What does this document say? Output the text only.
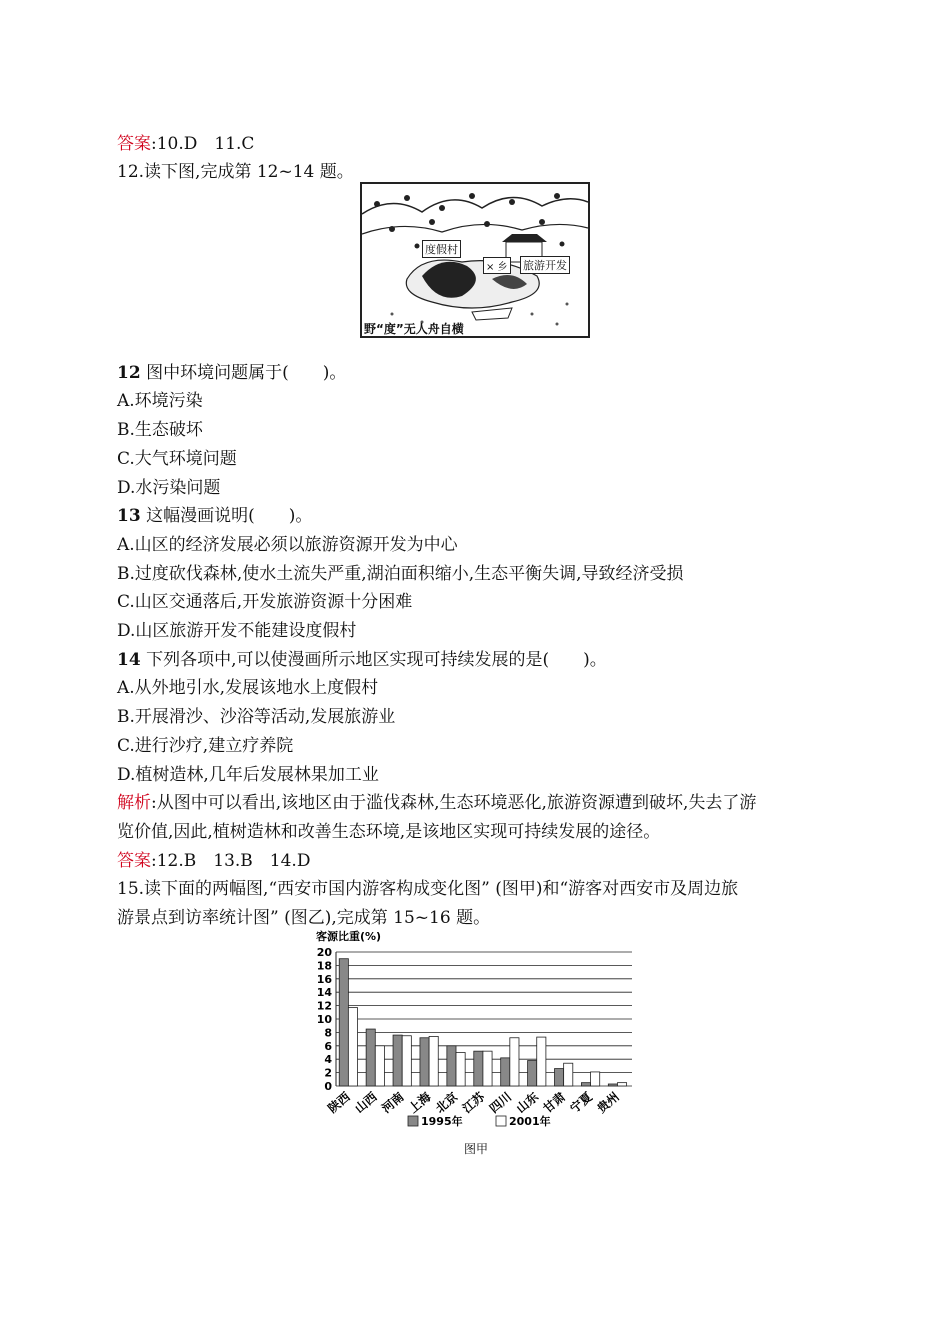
答案:10.D　11.C
12.读下图,完成第 12~14 题。
度假村
× 乡 旅游开发
野“度”无人舟自横
12 图中环境问题属于(　　)。
A.环境污染
B.生态破坏
C.大气环境问题
D.水污染问题
13 这幅漫画说明(　　)。
A.山区的经济发展必须以旅游资源开发为中心
B.过度砍伐森林,使水土流失严重,湖泊面积缩小,生态平衡失调,导致经济受损
C.山区交通落后,开发旅游资源十分困难
D.山区旅游开发不能建设度假村
14 下列各项中,可以使漫画所示地区实现可持续发展的是(　　)。
A.从外地引水,发展该地水上度假村
B.开展滑沙、沙浴等活动,发展旅游业
C.进行沙疗,建立疗养院
D.植树造林,几年后发展林果加工业
解析:从图中可以看出,该地区由于滥伐森林,生态环境恶化,旅游资源遭到破坏,失去了游
览价值,因此,植树造林和改善生态环境,是该地区实现可持续发展的途径。
答案:12.B　13.B　14.D
15.读下面的两幅图,“西安市国内游客构成变化图” (图甲)和“游客对西安市及周边旅
游景点到访率统计图” (图乙),完成第 15~16 题。
客源比重(%)
0
2
4
6
8
10
12
14
16
18
20
陕西 山西 河南 上海 北京 江苏 四川 山东 甘肃 宁夏 贵州
1995年	2001年
图甲
